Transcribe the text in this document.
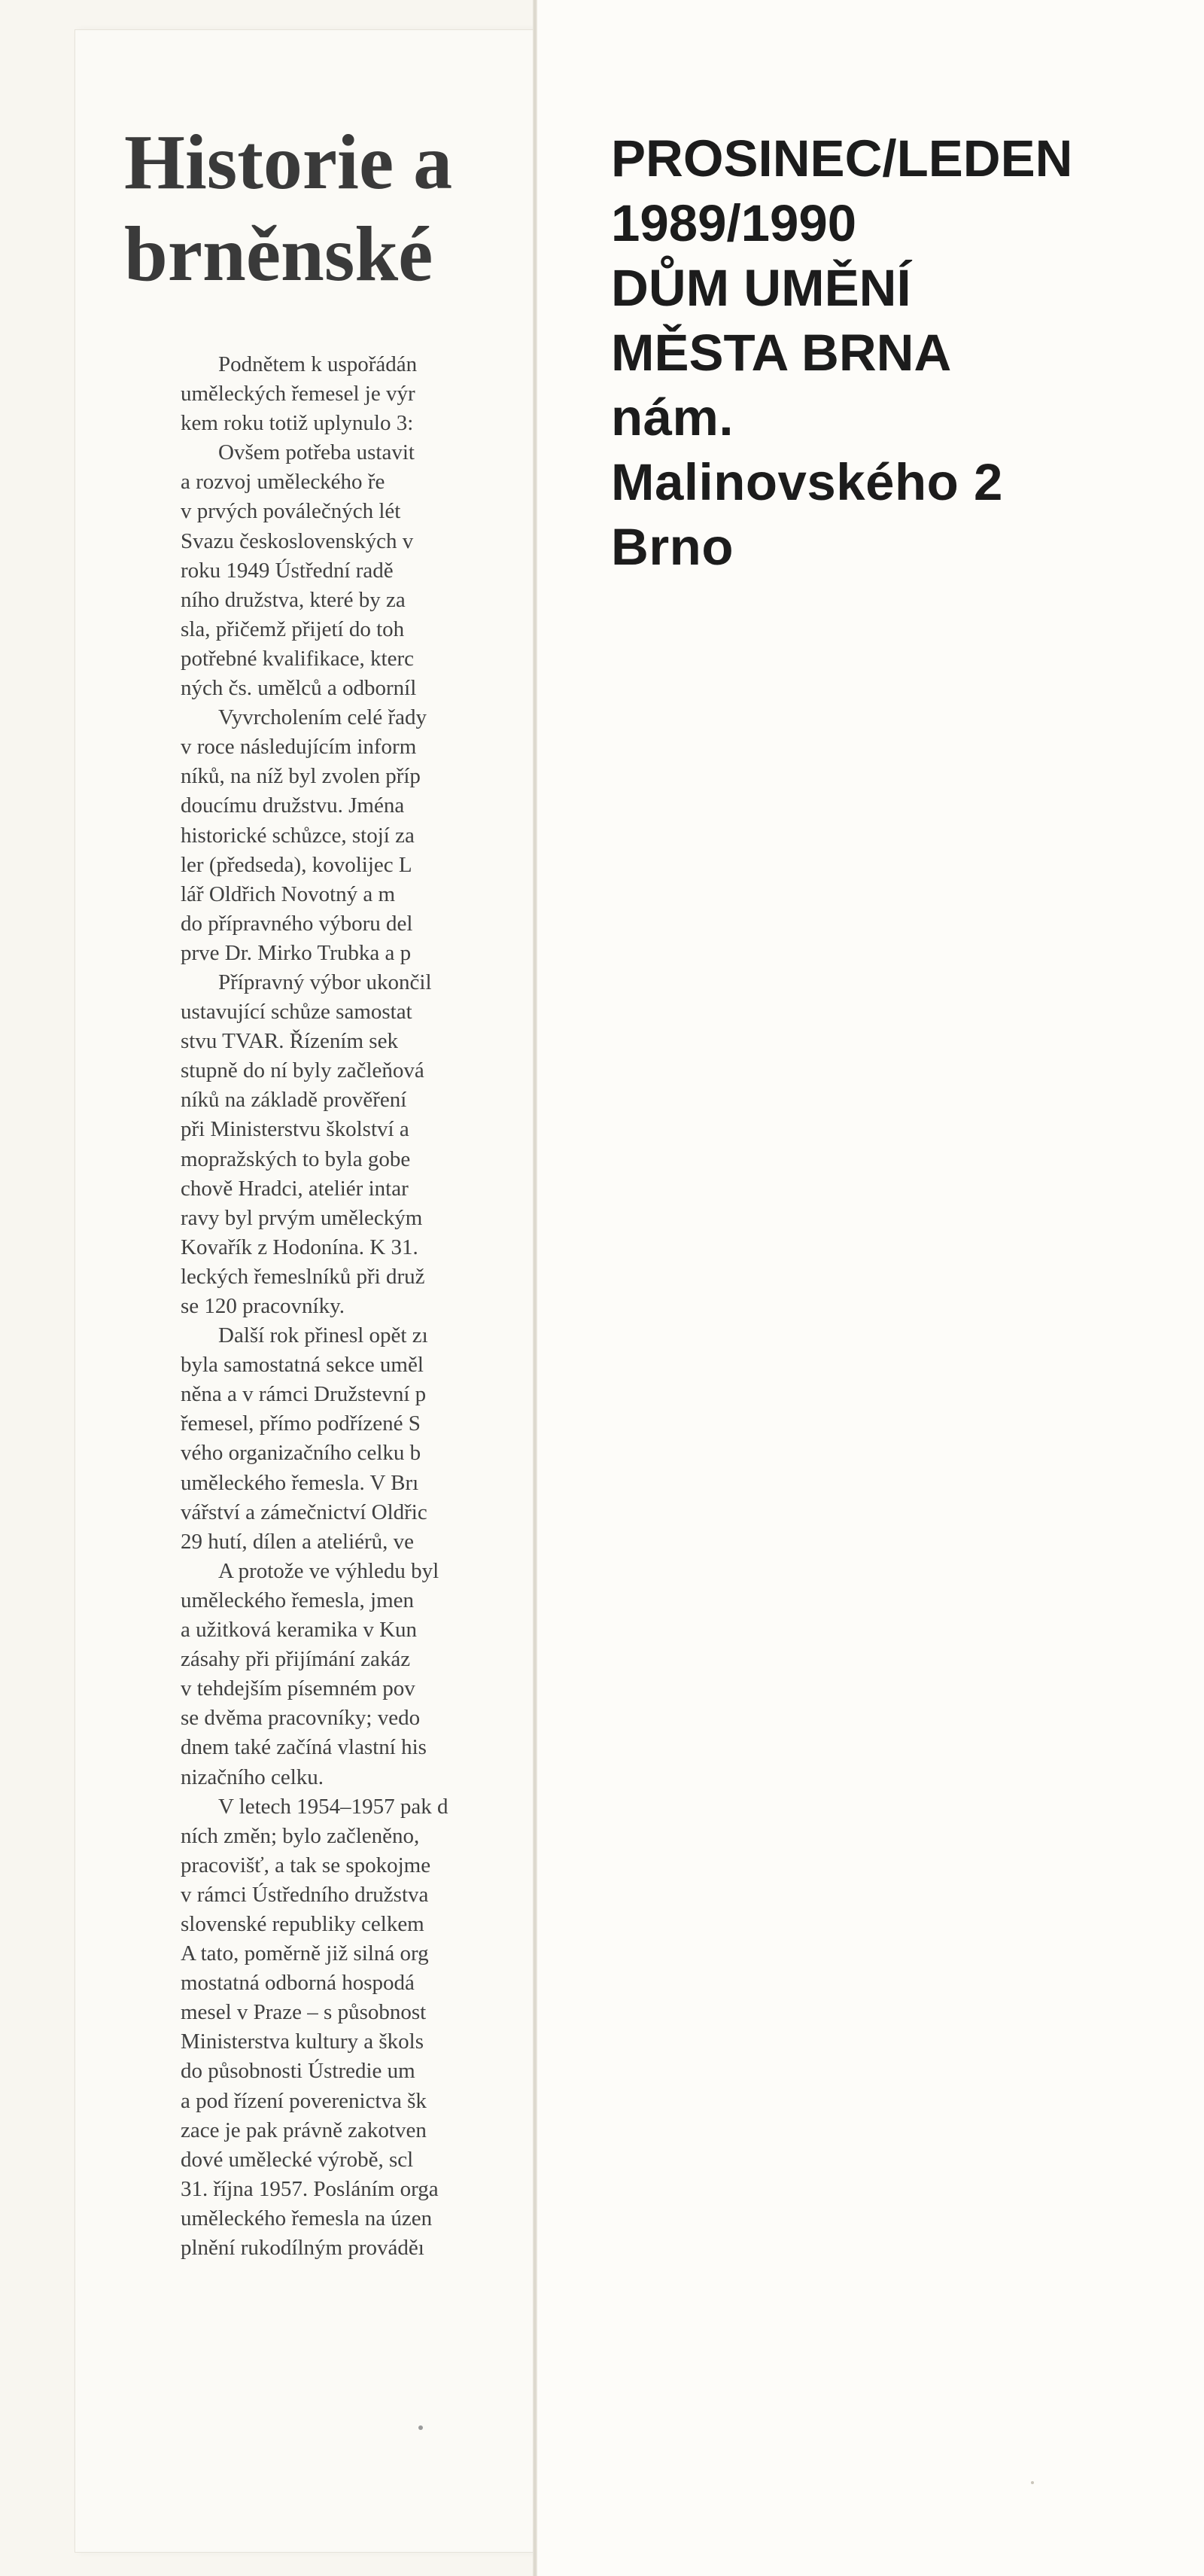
Historie a
brněnské
Podnětem k uspořádán
uměleckých řemesel je výr
kem roku totiž uplynulo 3:
Ovšem potřeba ustavit
a rozvoj uměleckého ře
v prvých poválečných lét
Svazu československých v
roku 1949 Ústřední radě
ního družstva, které by za
sla, přičemž přijetí do toh
potřebné kvalifikace, kterc
ných čs. umělců a odborníl
Vyvrcholením celé řady
v roce následujícím inform
níků, na níž byl zvolen příp
doucímu družstvu. Jména
historické schůzce, stojí za
ler (předseda), kovolijec L
lář Oldřich Novotný a m
do přípravného výboru del
prve Dr. Mirko Trubka a p
Přípravný výbor ukončil
ustavující schůze samostat
stvu TVAR. Řízením sek
stupně do ní byly začleňová
níků na základě prověření
při Ministerstvu školství a
mopražských to byla gobe
chově Hradci, ateliér intar
ravy byl prvým uměleckým
Kovařík z Hodonína. K 31.
leckých řemeslníků při druž
se 120 pracovníky.
Další rok přinesl opět zı
byla samostatná sekce uměl
něna a v rámci Družstevní p
řemesel, přímo podřízené S
vého organizačního celku b
uměleckého řemesla. V Brı
vářství a zámečnictví Oldřic
29 hutí, dílen a ateliérů, ve
A protože ve výhledu byl
uměleckého řemesla, jmen
a užitková keramika v Kun
zásahy při přijímání zakáz
v tehdejším písemném pov
se dvěma pracovníky; vedo
dnem také začíná vlastní his
nizačního celku.
V letech 1954–1957 pak d
ních změn; bylo začleněno,
pracovišť, a tak se spokojme
v rámci Ústředního družstva
slovenské republiky celkem
A tato, poměrně již silná org
mostatná odborná hospodá
mesel v Praze – s působnost
Ministerstva kultury a škols
do působnosti Ústredie um
a pod řízení poverenictva šk
zace je pak právně zakotven
dové umělecké výrobě, scl
31. října 1957. Posláním orga
uměleckého řemesla na úzen
plnění rukodílným prováděı
PROSINEC/LEDEN
1989/1990
DŮM UMĚNÍ
MĚSTA BRNA
nám.
Malinovského 2
Brno
